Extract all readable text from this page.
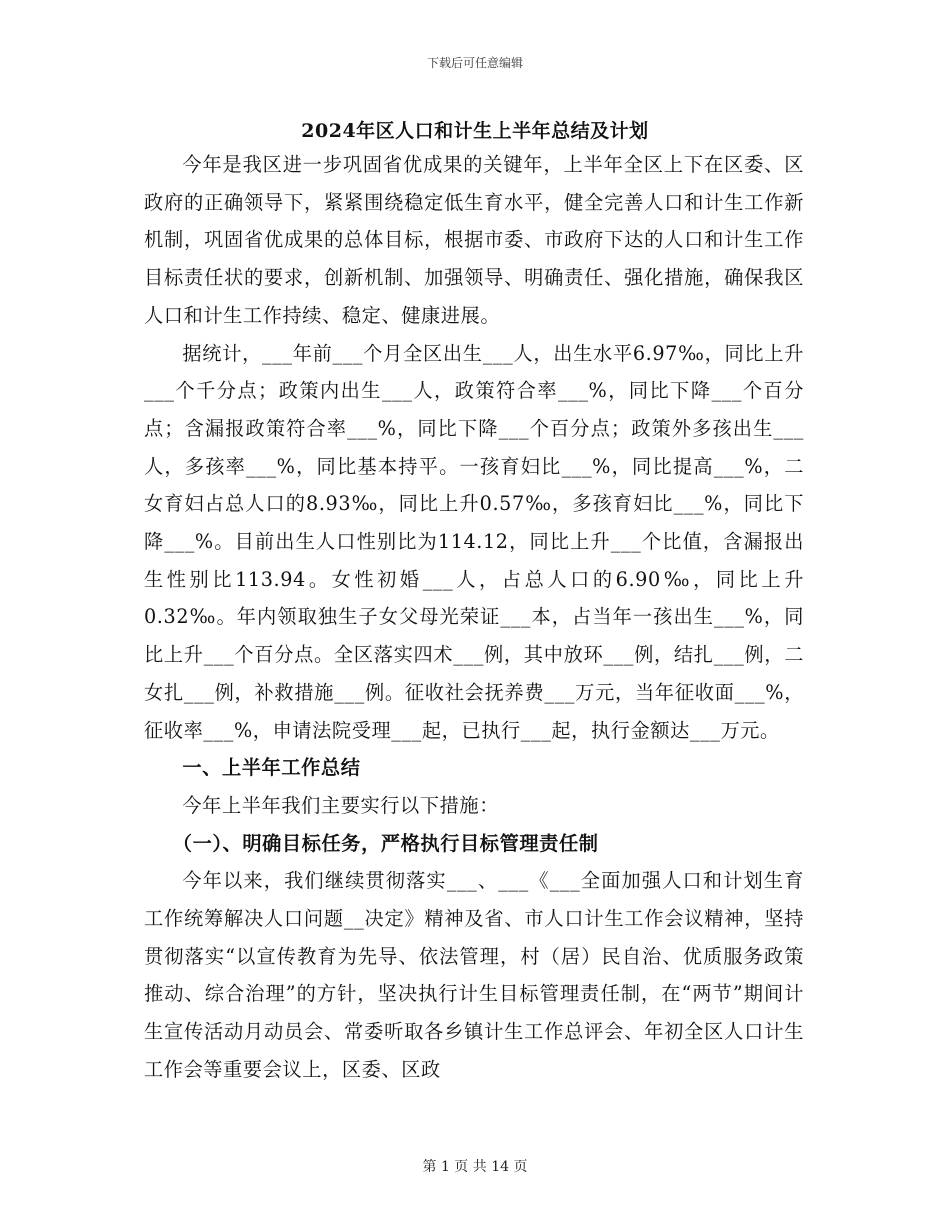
下载后可任意编辑
2024年区人口和计生上半年总结及计划

今年是我区进一步巩固省优成果的关键年，上半年全区上下在区委、区政府的正确领导下，紧紧围绕稳定低生育水平，健全完善人口和计生工作新机制，巩固省优成果的总体目标，根据市委、市政府下达的人口和计生工作目标责任状的要求，创新机制、加强领导、明确责任、强化措施，确保我区人口和计生工作持续、稳定、健康进展。

据统计，___年前___个月全区出生___人，出生水平6.97‰，同比上升___个千分点；政策内出生___人，政策符合率___%，同比下降___个百分点；含漏报政策符合率___%，同比下降___个百分点；政策外多孩出生___人，多孩率___%，同比基本持平。一孩育妇比___%，同比提高___%，二女育妇占总人口的8.93‰，同比上升0.57‰，多孩育妇比___%，同比下降___%。目前出生人口性别比为114.12，同比上升___个比值，含漏报出生性别比113.94。女性初婚___人，占总人口的6.90‰，同比上升0.32‰。年内领取独生子女父母光荣证___本，占当年一孩出生___%，同比上升___个百分点。全区落实四术___例，其中放环___例，结扎___例，二女扎___例，补救措施___例。征收社会抚养费___万元，当年征收面___%，征收率___%，申请法院受理___起，已执行___起，执行金额达___万元。

一、上半年工作总结

今年上半年我们主要实行以下措施：

（一）、明确目标任务，严格执行目标管理责任制

今年以来，我们继续贯彻落实___、___《___全面加强人口和计划生育工作统筹解决人口问题__决定》精神及省、市人口计生工作会议精神，坚持贯彻落实“以宣传教育为先导、依法管理，村（居）民自治、优质服务政策推动、综合治理”的方针，坚决执行计生目标管理责任制，在“两节”期间计生宣传活动月动员会、常委听取各乡镇计生工作总评会、年初全区人口计生工作会等重要会议上，区委、区政

第 1 页 共 14 页
